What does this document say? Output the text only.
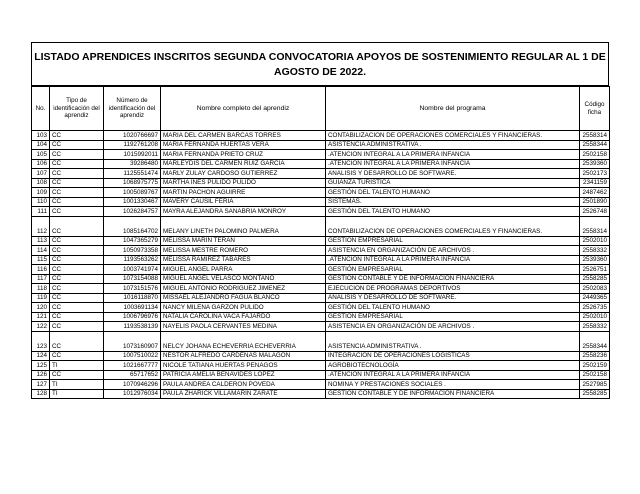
LISTADO APRENDICES INSCRITOS SEGUNDA CONVOCATORIA APOYOS DE SOSTENIMIENTO REGULAR AL 1 DE AGOSTO DE 2022.
No.	Tipo de identificación del aprendiz	Número de identificación del aprendiz	Nombre completo del aprendiz	Nombre del programa	Código ficha
103	CC	1020766697	MARIA DEL CARMEN BARCAS TORRES	CONTABILIZACION DE OPERACIONES COMERCIALES Y FINANCIERAS.	2558314
104	CC	1192761208	MARIA FERNANDA HUERTAS VERA	ASISTENCIA ADMINISTRATIVA .	2558344
105	CC	1015992011	MARIA FERNANDA PRIETO CRUZ	.ATENCION INTEGRAL A LA PRIMERA INFANCIA	2502158
106	CC	39286480	MARLEYDIS DEL CARMEN RUIZ GARCIA	.ATENCION INTEGRAL A LA PRIMERA INFANCIA	2539360
107	CC	1125551474	MARLY ZULAY CARDOSO GUTIERREZ	ANALISIS Y DESARROLLO DE SOFTWARE.	2502173
108	CC	1068975775	MARTHA INES PULIDO PULIDO	GUIANZA TURISTICA	2341159
109	CC	1005089767	MARTIN PACHON AGUIRRE	GESTIÓN DEL TALENTO HUMANO	2487462
110	CC	1001330467	MAVERY CAUSIL FERIA	SISTEMAS.	2501890
111	CC	1026284757	MAYRA ALEJANDRA SANABRIA MONROY	GESTIÓN DEL TALENTO HUMANO	2526748
112	CC	1085164702	MELANY LINETH PALOMINO PALMERA	CONTABILIZACION DE OPERACIONES COMERCIALES Y FINANCIERAS.	2558314
113	CC	1047365279	MELISSA MARIN TERAN	GESTIÓN EMPRESARIAL	2502010
114	CC	1050973358	MELISSA MESTRE ROMERO	ASISTENCIA EN ORGANIZACIÓN DE ARCHIVOS .	2558332
115	CC	1193563262	MELISSA RAMIREZ TABARES	.ATENCION INTEGRAL A LA PRIMERA INFANCIA	2539360
116	CC	1003741974	MIGUEL ANGEL PARRA	GESTIÓN EMPRESARIAL	2526751
117	CC	1073154088	MIGUEL ANGEL VELASCO MONTAÑO	GESTION CONTABLE Y DE INFORMACION FINANCIERA	2558285
118	CC	1073151576	MIGUEL ANTONIO RODRIGUEZ JIMENEZ	EJECUCION DE PROGRAMAS DEPORTIVOS	2502083
119	CC	1016118870	MISSAEL ALEJANDRO FAGUA BLANCO	ANALISIS Y DESARROLLO DE SOFTWARE.	2449365
120	CC	1003691134	NANCY MILENA GARZON PULIDO	GESTIÓN DEL TALENTO HUMANO	2526735
121	CC	1006796976	NATALIA CAROLINA VACA FAJARDO	GESTIÓN EMPRESARIAL	2502010
122	CC	1193538139	NAYELIS PAOLA CERVANTES MEDINA	ASISTENCIA EN ORGANIZACIÓN DE ARCHIVOS .	2558332
123	CC	1073160907	NELCY JOHANA ECHEVERRIA ECHEVERRIA	ASISTENCIA ADMINISTRATIVA .	2558344
124	CC	1007510022	NESTOR ALFREDO CARDENAS MALAGON	INTEGRACION DE OPERACIONES LOGISTICAS	2558236
125	TI	1021667777	NICOLE TATIANA HUERTAS PENAGOS	AGROBIOTECNOLOGÍA	2502159
126	CC	65717652	PATRICIA AMELIA BENAVIDES LOPEZ	.ATENCION INTEGRAL A LA PRIMERA INFANCIA	2502158
127	TI	1070946296	PAULA ANDREA CALDERON POVEDA	NOMINA Y PRESTACIONES SOCIALES .	2527985
128	TI	1012976034	PAULA ZHARICK VILLAMARIN ZARATE	GESTION CONTABLE Y DE INFORMACION FINANCIERA	2558285
